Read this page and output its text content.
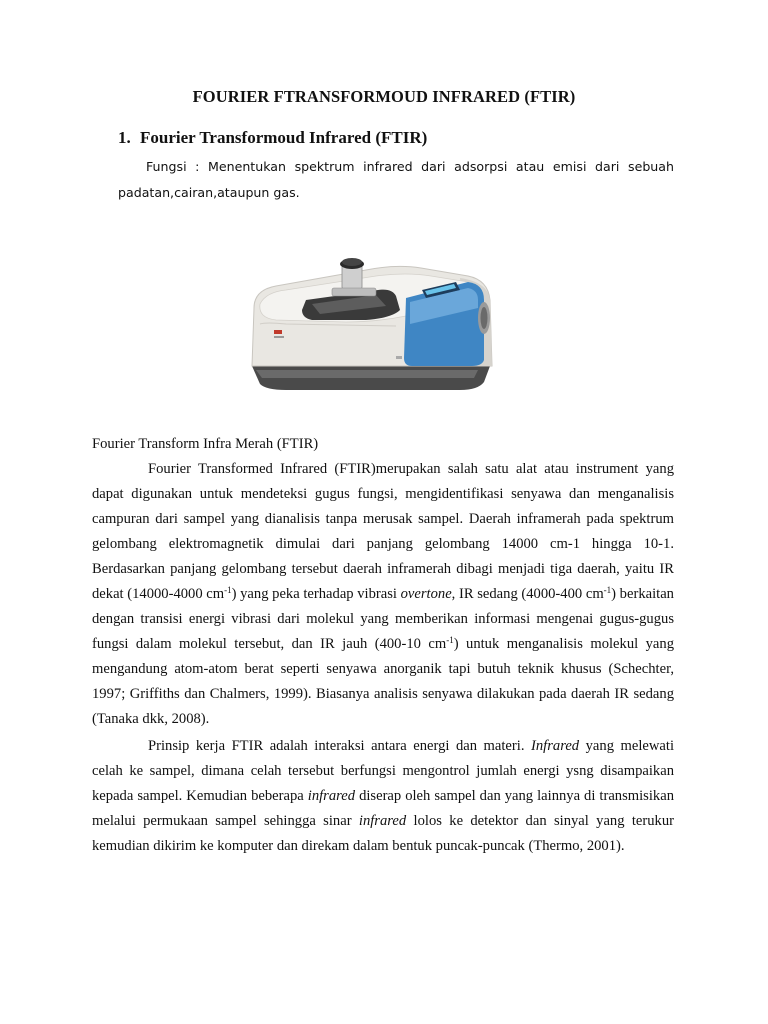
FOURIER FTRANSFORMOUD INFRARED (FTIR)
1. Fourier Transformoud Infrared (FTIR)

Fungsi : Menentukan spektrum infrared dari adsorpsi atau emisi dari sebuah padatan,cairan,ataupun gas.

Fourier Transform Infra Merah (FTIR)

Fourier Transformed Infrared (FTIR)merupakan salah satu alat atau instrument yang dapat digunakan untuk mendeteksi gugus fungsi, mengidentifikasi senyawa dan menganalisis campuran dari sampel yang dianalisis tanpa merusak sampel. Daerah inframerah pada spektrum gelombang elektromagnetik dimulai dari panjang gelombang 14000 cm-1 hingga 10-1. Berdasarkan panjang gelombang tersebut daerah inframerah dibagi menjadi tiga daerah, yaitu IR dekat (14000-4000 $cm^{-1}$) yang peka terhadap vibrasi overtone, IR sedang (4000-400 $cm^{-1}$) berkaitan dengan transisi energi vibrasi dari molekul yang memberikan informasi mengenai gugus-gugus fungsi dalam molekul tersebut, dan IR jauh (400-10 $cm^{-1}$) untuk menganalisis molekul yang mengandung atom-atom berat seperti senyawa anorganik tapi butuh teknik khusus (Schechter, 1997; Griffiths dan Chalmers, 1999). Biasanya analisis senyawa dilakukan pada daerah IR sedang (Tanaka dkk, 2008).

Prinsip kerja FTIR adalah interaksi antara energi dan materi. Infrared yang melewati celah ke sampel, dimana celah tersebut berfungsi mengontrol jumlah energi ysng disampaikan kepada sampel. Kemudian beberapa infrared diserap oleh sampel dan yang lainnya di transmisikan melalui permukaan sampel sehingga sinar infrared lolos ke detektor dan sinyal yang terukur kemudian dikirim ke komputer dan direkam dalam bentuk puncak-puncak (Thermo, 2001).
